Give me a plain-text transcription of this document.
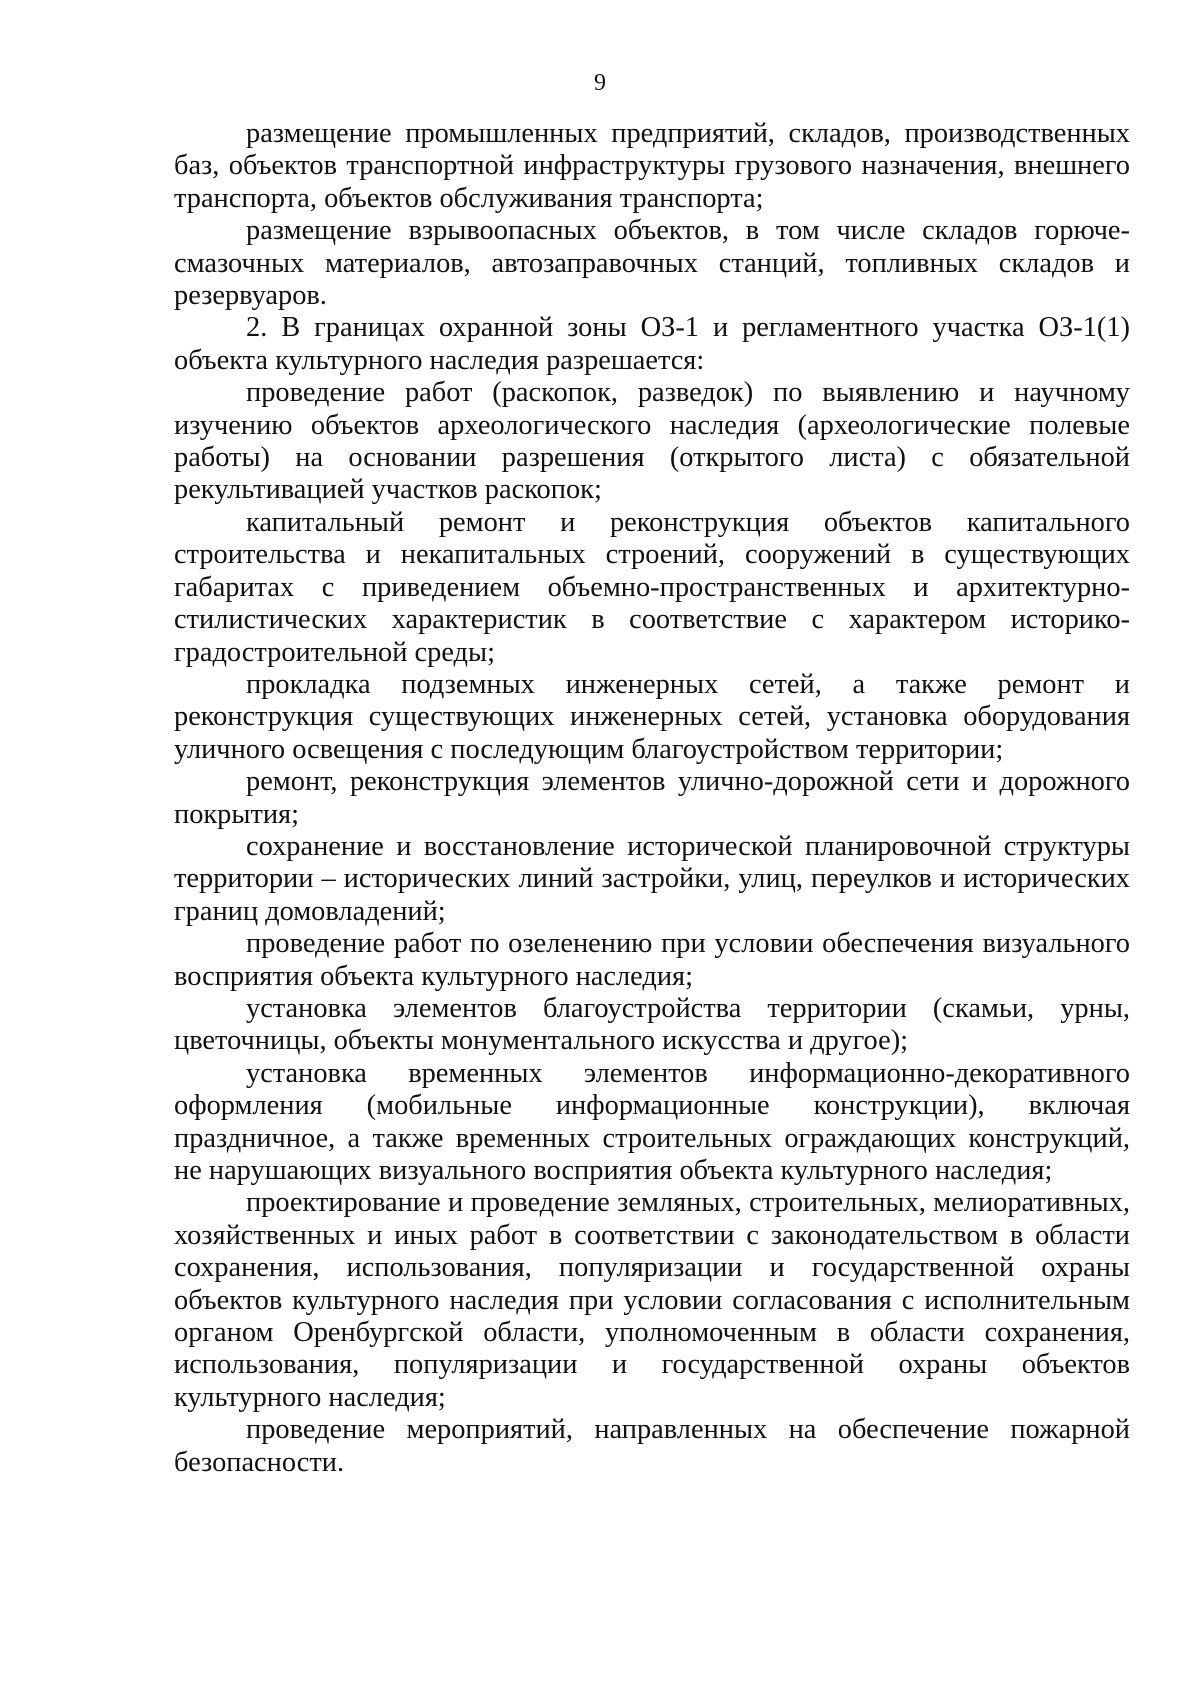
9

размещение промышленных предприятий, складов, производственных баз, объектов транспортной инфраструктуры грузового назначения, внешнего транспорта, объектов обслуживания транспорта;

размещение взрывоопасных объектов, в том числе складов горюче-смазочных материалов, автозаправочных станций, топливных складов и резервуаров.

2. В границах охранной зоны ОЗ-1 и регламентного участка ОЗ-1(1) объекта культурного наследия разрешается:

проведение работ (раскопок, разведок) по выявлению и научному изучению объектов археологического наследия (археологические полевые работы) на основании разрешения (открытого листа) с обязательной рекультивацией участков раскопок;

капитальный ремонт и реконструкция объектов капитального строительства и некапитальных строений, сооружений в существующих габаритах с приведением объемно-пространственных и архитектурно-стилистических характеристик в соответствие с характером историко-градостроительной среды;

прокладка подземных инженерных сетей, а также ремонт и реконструкция существующих инженерных сетей, установка оборудования уличного освещения с последующим благоустройством территории;

ремонт, реконструкция элементов улично-дорожной сети и дорожного покрытия;

сохранение и восстановление исторической планировочной структуры территории – исторических линий застройки, улиц, переулков и исторических границ домовладений;

проведение работ по озеленению при условии обеспечения визуального восприятия объекта культурного наследия;

установка элементов благоустройства территории (скамьи, урны, цветочницы, объекты монументального искусства и другое);

установка временных элементов информационно-декоративного оформления (мобильные информационные конструкции), включая праздничное, а также временных строительных ограждающих конструкций, не нарушающих визуального восприятия объекта культурного наследия;

проектирование и проведение земляных, строительных, мелиоративных, хозяйственных и иных работ в соответствии с законодательством в области сохранения, использования, популяризации и государственной охраны объектов культурного наследия при условии согласования с исполнительным органом Оренбургской области, уполномоченным в области сохранения, использования, популяризации и государственной охраны объектов культурного наследия;

проведение мероприятий, направленных на обеспечение пожарной безопасности.
